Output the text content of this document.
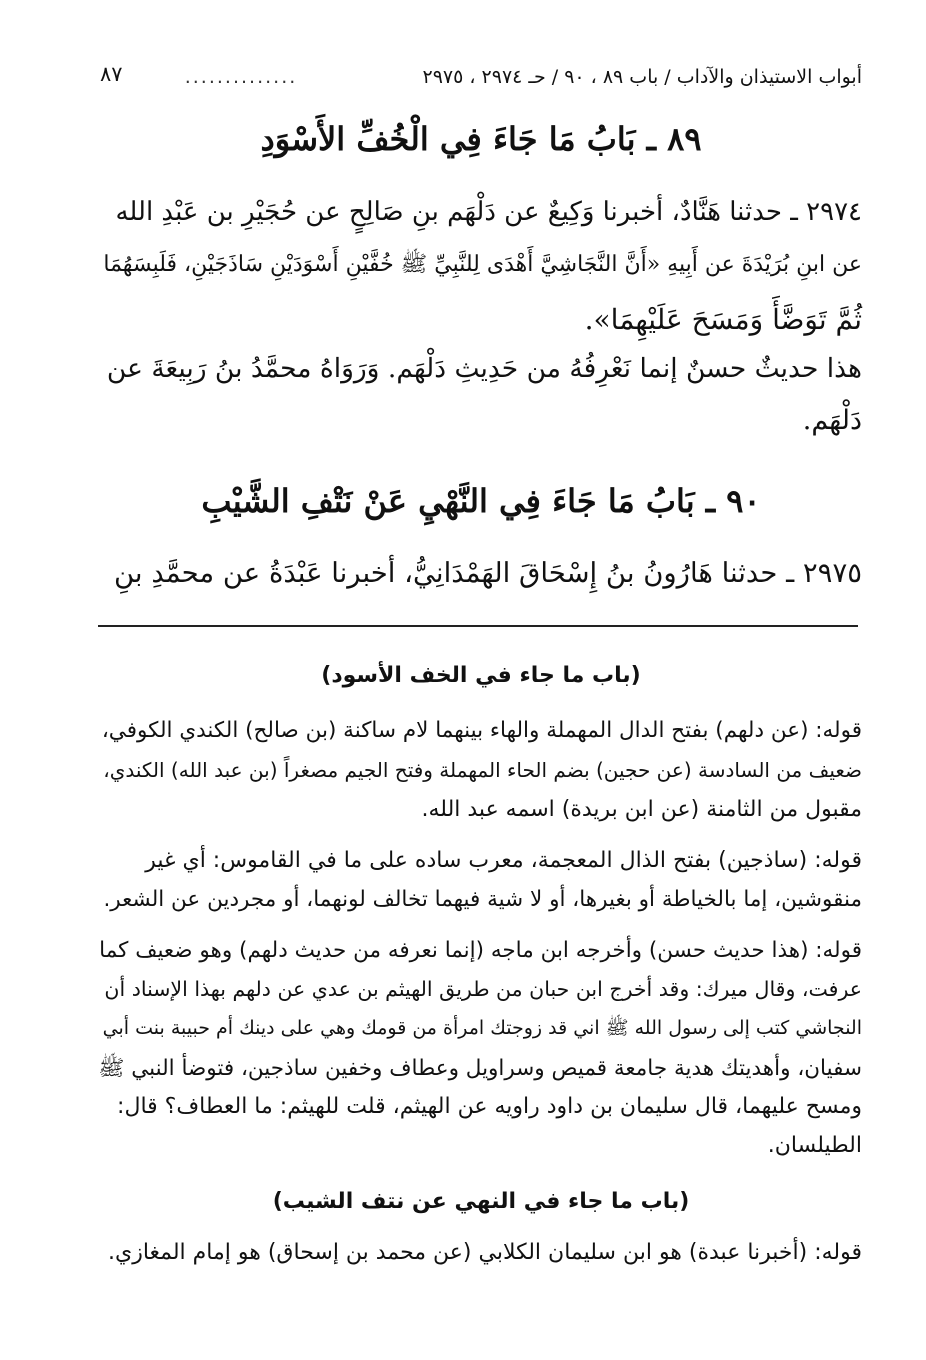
أبواب الاستيذان والآداب / باب ٨٩ ، ٩٠ / حـ ٢٩٧٤ ، ٢٩٧٥
..............
٨٧
٨٩ ـ بَابُ مَا جَاءَ فِي الْخُفِّ الأَسْوَدِ
٢٩٧٤ ـ حدثنا هَنَّادٌ، أخبرنا وَكِيعٌ عن دَلْهَم بنِ صَالِحٍ عن حُجَيْرِ بن عَبْدِ الله
عن ابنِ بُرَيْدَةَ عن أَبِيهِ «أَنَّ النَّجَاشِيَّ أَهْدَى لِلنَّبِيِّ ﷺ خُفَّيْنِ أَسْوَدَيْنِ سَاذَجَيْنِ، فَلَبِسَهُمَا
ثُمَّ تَوَضَّأَ وَمَسَحَ عَلَيْهِمَا».
هذا حديثٌ حسنٌ إنما نَعْرِفُهُ من حَدِيثِ دَلْهَم. وَرَوَاهُ محمَّدُ بنُ رَبِيعَةَ عن
دَلْهَم.
٩٠ ـ بَابُ مَا جَاءَ فِي النَّهْيِ عَنْ نَتْفِ الشَّيْبِ
٢٩٧٥ ـ حدثنا هَارُونُ بنُ إِسْحَاقَ الهَمْدَانِيُّ، أخبرنا عَبْدَةُ عن محمَّدِ بنِ
(باب ما جاء في الخف الأسود)
قوله: (عن دلهم) بفتح الدال المهملة والهاء بينهما لام ساكنة (بن صالح) الكندي الكوفي،
ضعيف من السادسة (عن حجين) بضم الحاء المهملة وفتح الجيم مصغراً (بن عبد الله) الكندي،
مقبول من الثامنة (عن ابن بريدة) اسمه عبد الله.
قوله: (ساذجين) بفتح الذال المعجمة، معرب ساده على ما في القاموس: أي غير
منقوشين، إما بالخياطة أو بغيرها، أو لا شية فيهما تخالف لونهما، أو مجردين عن الشعر.
قوله: (هذا حديث حسن) وأخرجه ابن ماجه (إنما نعرفه من حديث دلهم) وهو ضعيف كما
عرفت، وقال ميرك: وقد أخرج ابن حبان من طريق الهيثم بن عدي عن دلهم بهذا الإسناد أن
النجاشي كتب إلى رسول الله ﷺ اني قد زوجتك امرأة من قومك وهي على دينك أم حبيبة بنت أبي
سفيان، وأهديتك هدية جامعة قميص وسراويل وعطاف وخفين ساذجين، فتوضأ النبي ﷺ
ومسح عليهما، قال سليمان بن داود راويه عن الهيثم، قلت للهيثم: ما العطاف؟ قال:
الطيلسان.
(باب ما جاء في النهي عن نتف الشيب)
قوله: (أخبرنا عبدة) هو ابن سليمان الكلابي (عن محمد بن إسحاق) هو إمام المغازي.
